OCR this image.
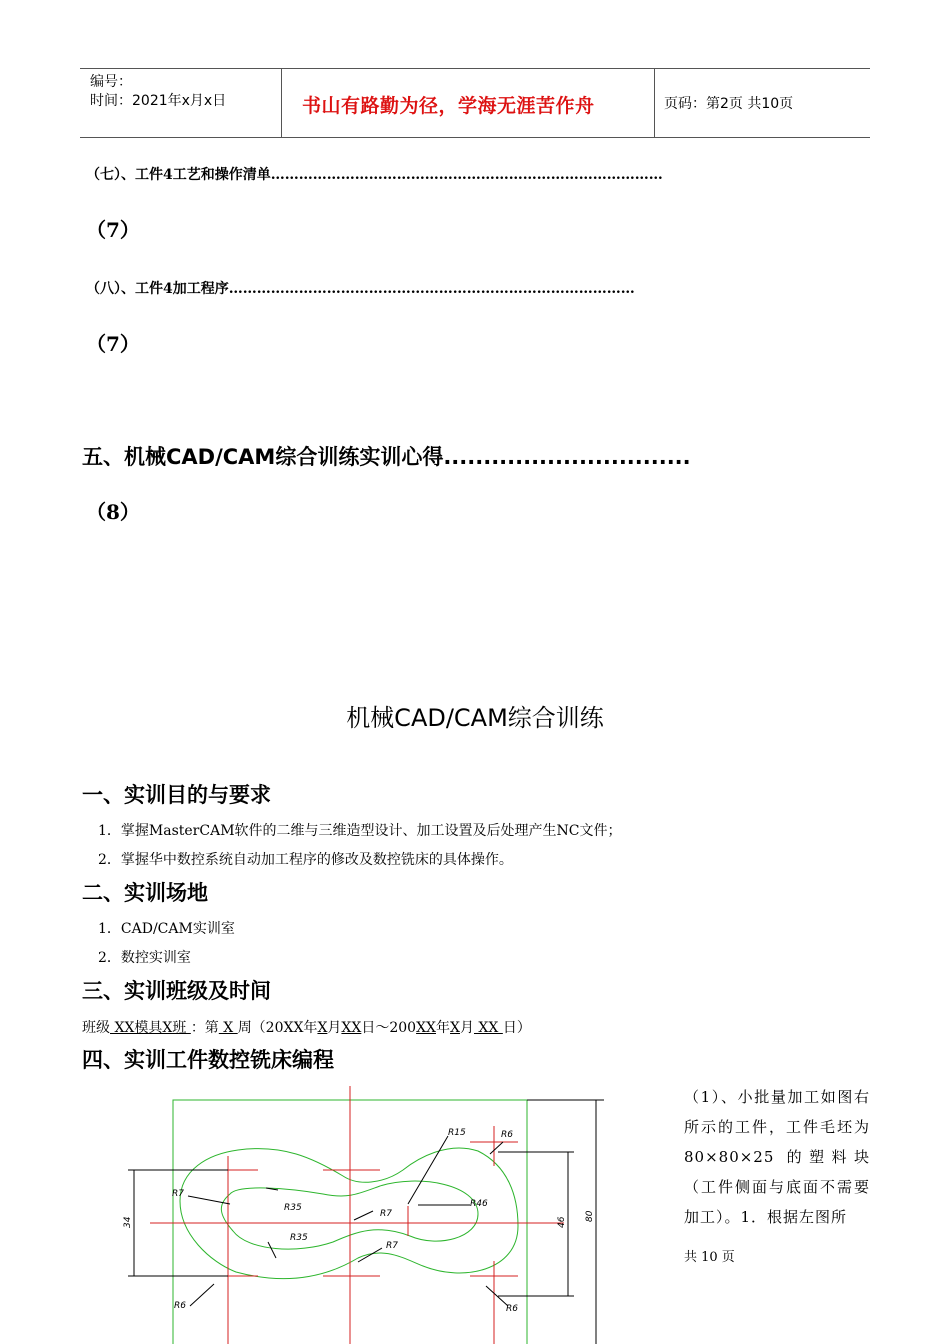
编号：
时间：2021年x月x日	书山有路勤为径，学海无涯苦作舟	页码：第2页 共10页
（七）、工件4工艺和操作清单…………………………………………………………………………
（7）
（八）、工件4加工程序……………………………………………………………………………
（7）
五、机械CAD/CAM综合训练实训心得...............................
（8）
机械CAD/CAM综合训练
一、实训目的与要求
1．掌握MasterCAM软件的二维与三维造型设计、加工设置及后处理产生NC文件；
2．掌握华中数控系统自动加工程序的修改及数控铣床的具体操作。
二、实训场地
1．CAD/CAM实训室
2．数控实训室
三、实训班级及时间
班级 XX模具X班 ：第 X 周（20XX年X月XX日～200XX年X月 XX 日）
四、实训工件数控铣床编程
R15	R6
R7
R35
R7
R46
R35
R7
R6	R6
34	46
80
（1）、小批量加工如图右所示的工件，工件毛坯为 80×80×25 的塑料块（工件侧面与底面不需要加工）。1．根据左图所
共 10 页
